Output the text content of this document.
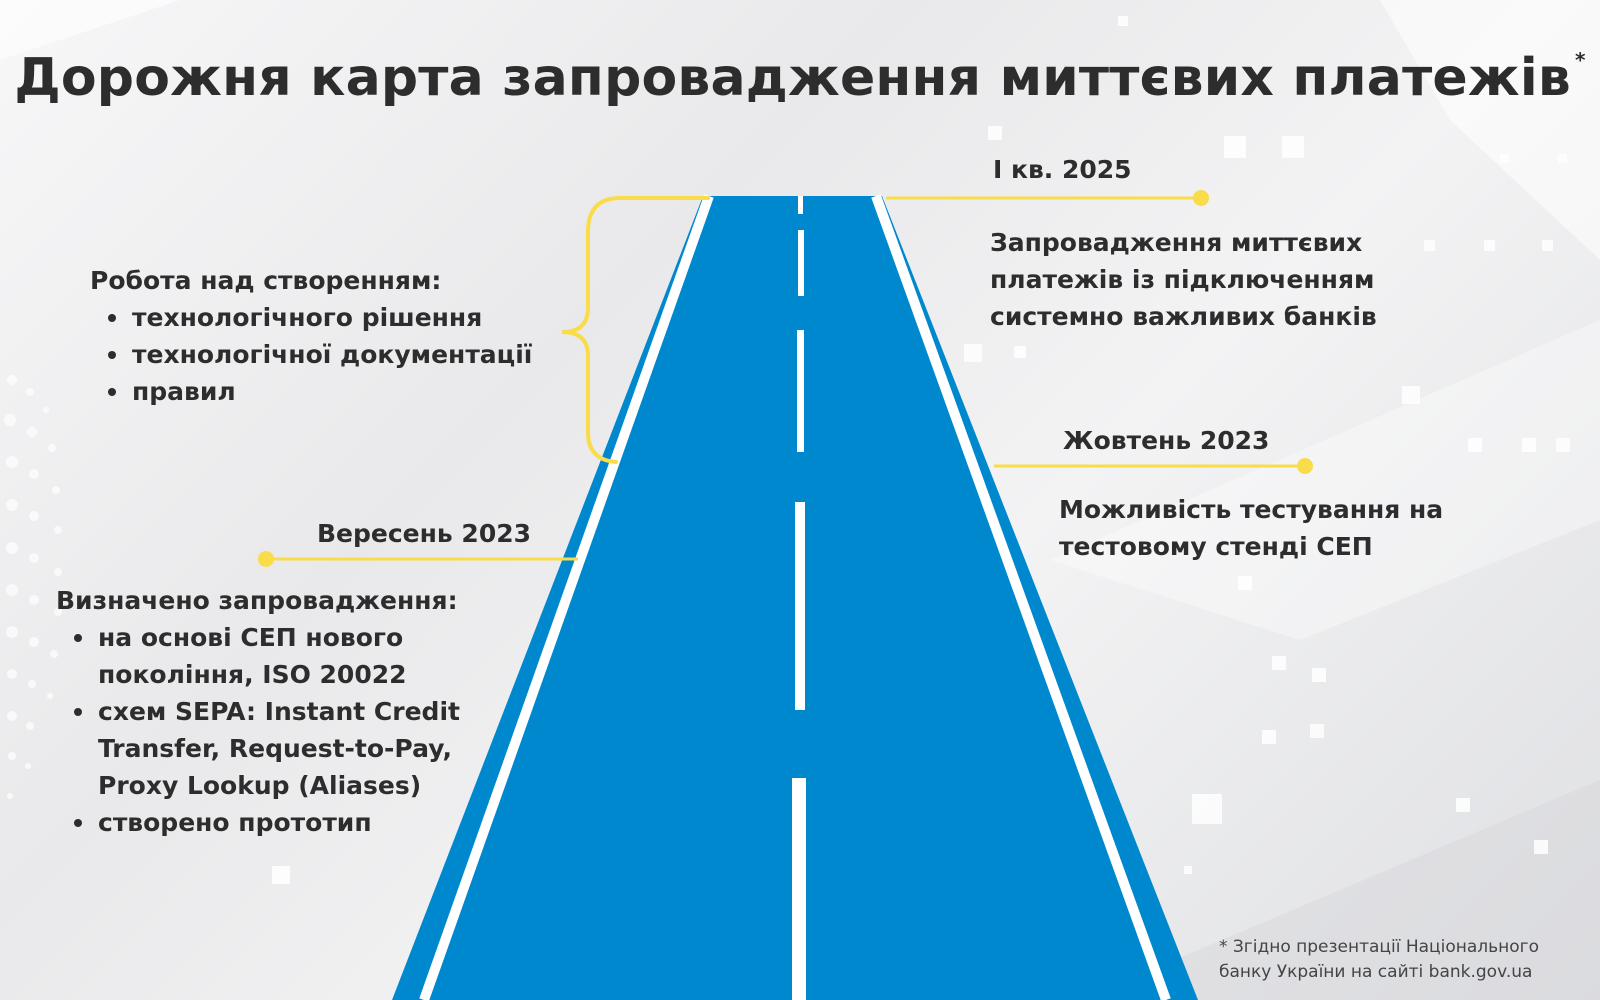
Дорожня карта запровадження миттєвих платежів *
Робота над створенням:
технологічного рішення
технологічної документації
правил
I кв. 2025
Запровадження миттєвих
платежів із підключенням
системно важливих банків
Жовтень 2023
Можливість тестування на
тестовому стенді СЕП
Вересень 2023
Визначено запровадження:
на основі СЕП нового
покоління, ISO 20022
схем SEPA: Instant Credit
Transfer, Request-to-Pay,
Proxy Lookup (Aliases)
створено прототип
* Згідно презентації Національного
банку України на сайті bank.gov.ua
